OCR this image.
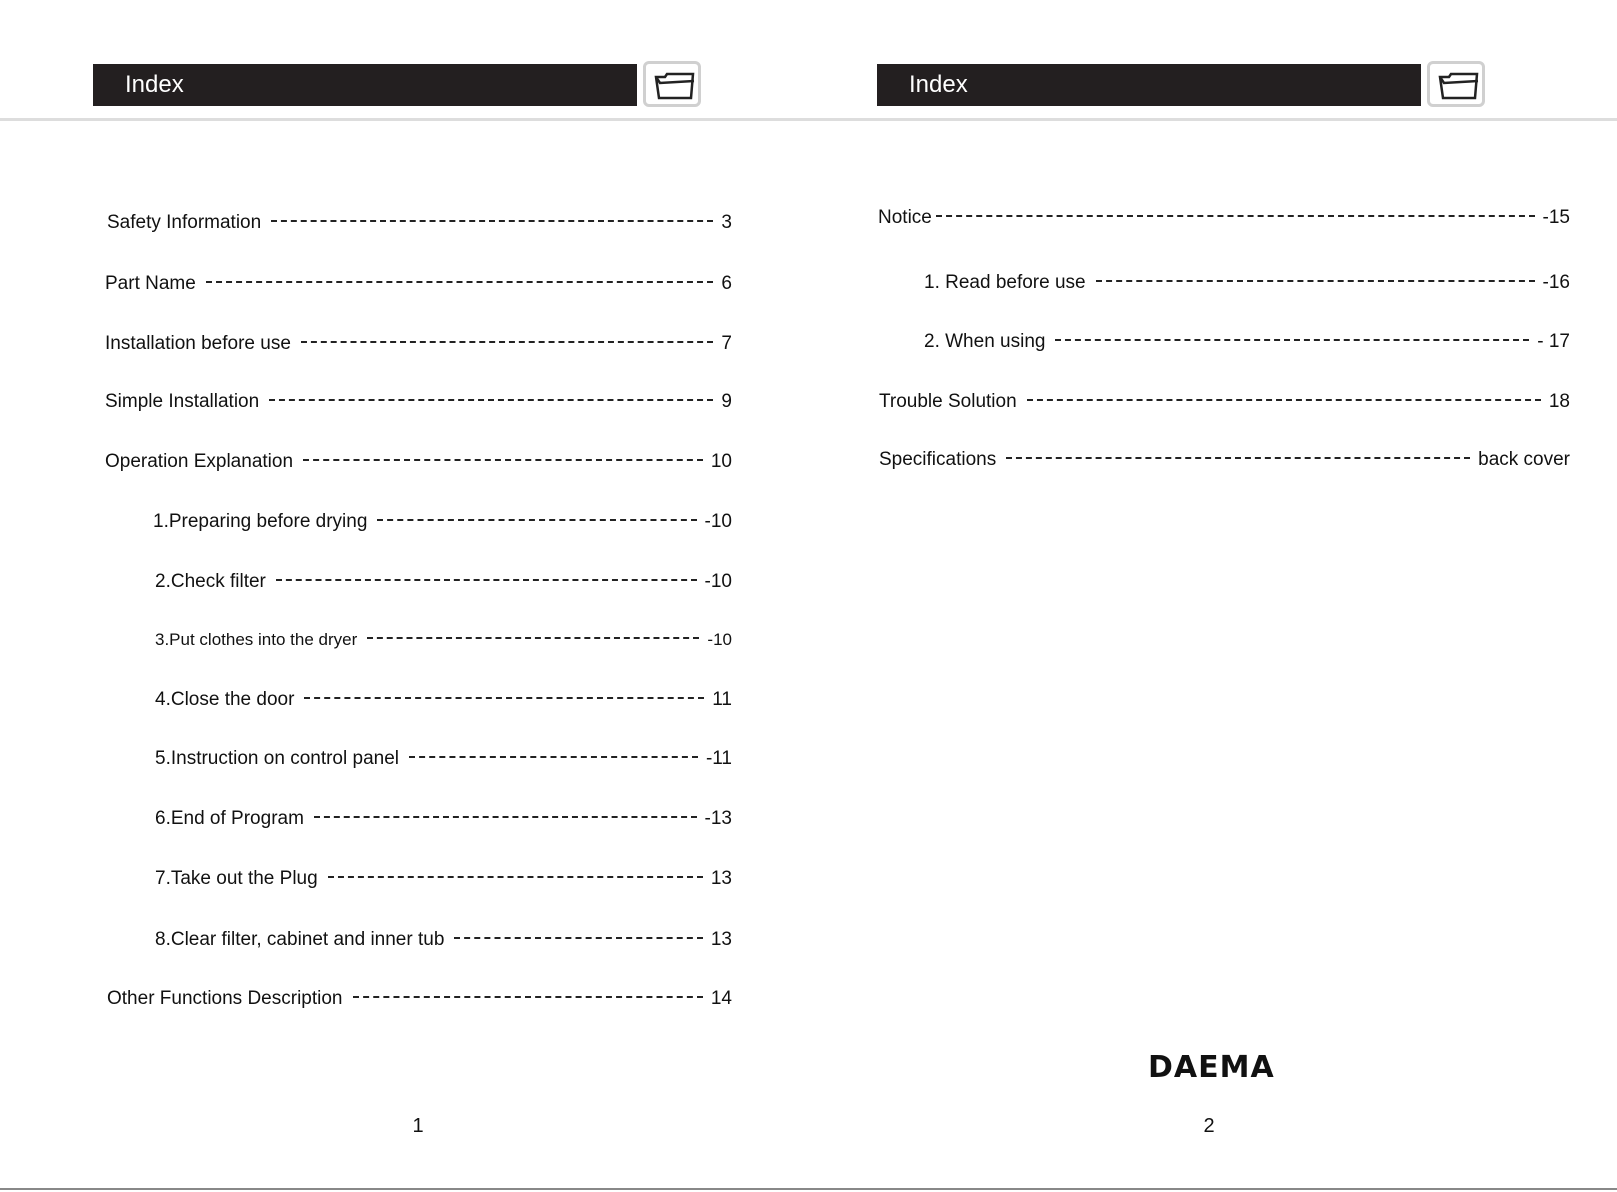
Index
Safety Information	3
Part Name	6
Installation before use	7
Simple Installation	9
Operation Explanation	10
1.Preparing before drying	-10
2.Check filter	-10
3.Put clothes into the dryer	-10
4.Close the door	11
5.Instruction on control panel	-11
6.End of Program	-13
7.Take out the Plug	13
8.Clear filter, cabinet and inner tub	13
Other Functions Description	14
1
Index
Notice	-15
1. Read before use	-16
2. When using	- 17
Trouble Solution	18
Specifications	back cover
DAEMA
2
